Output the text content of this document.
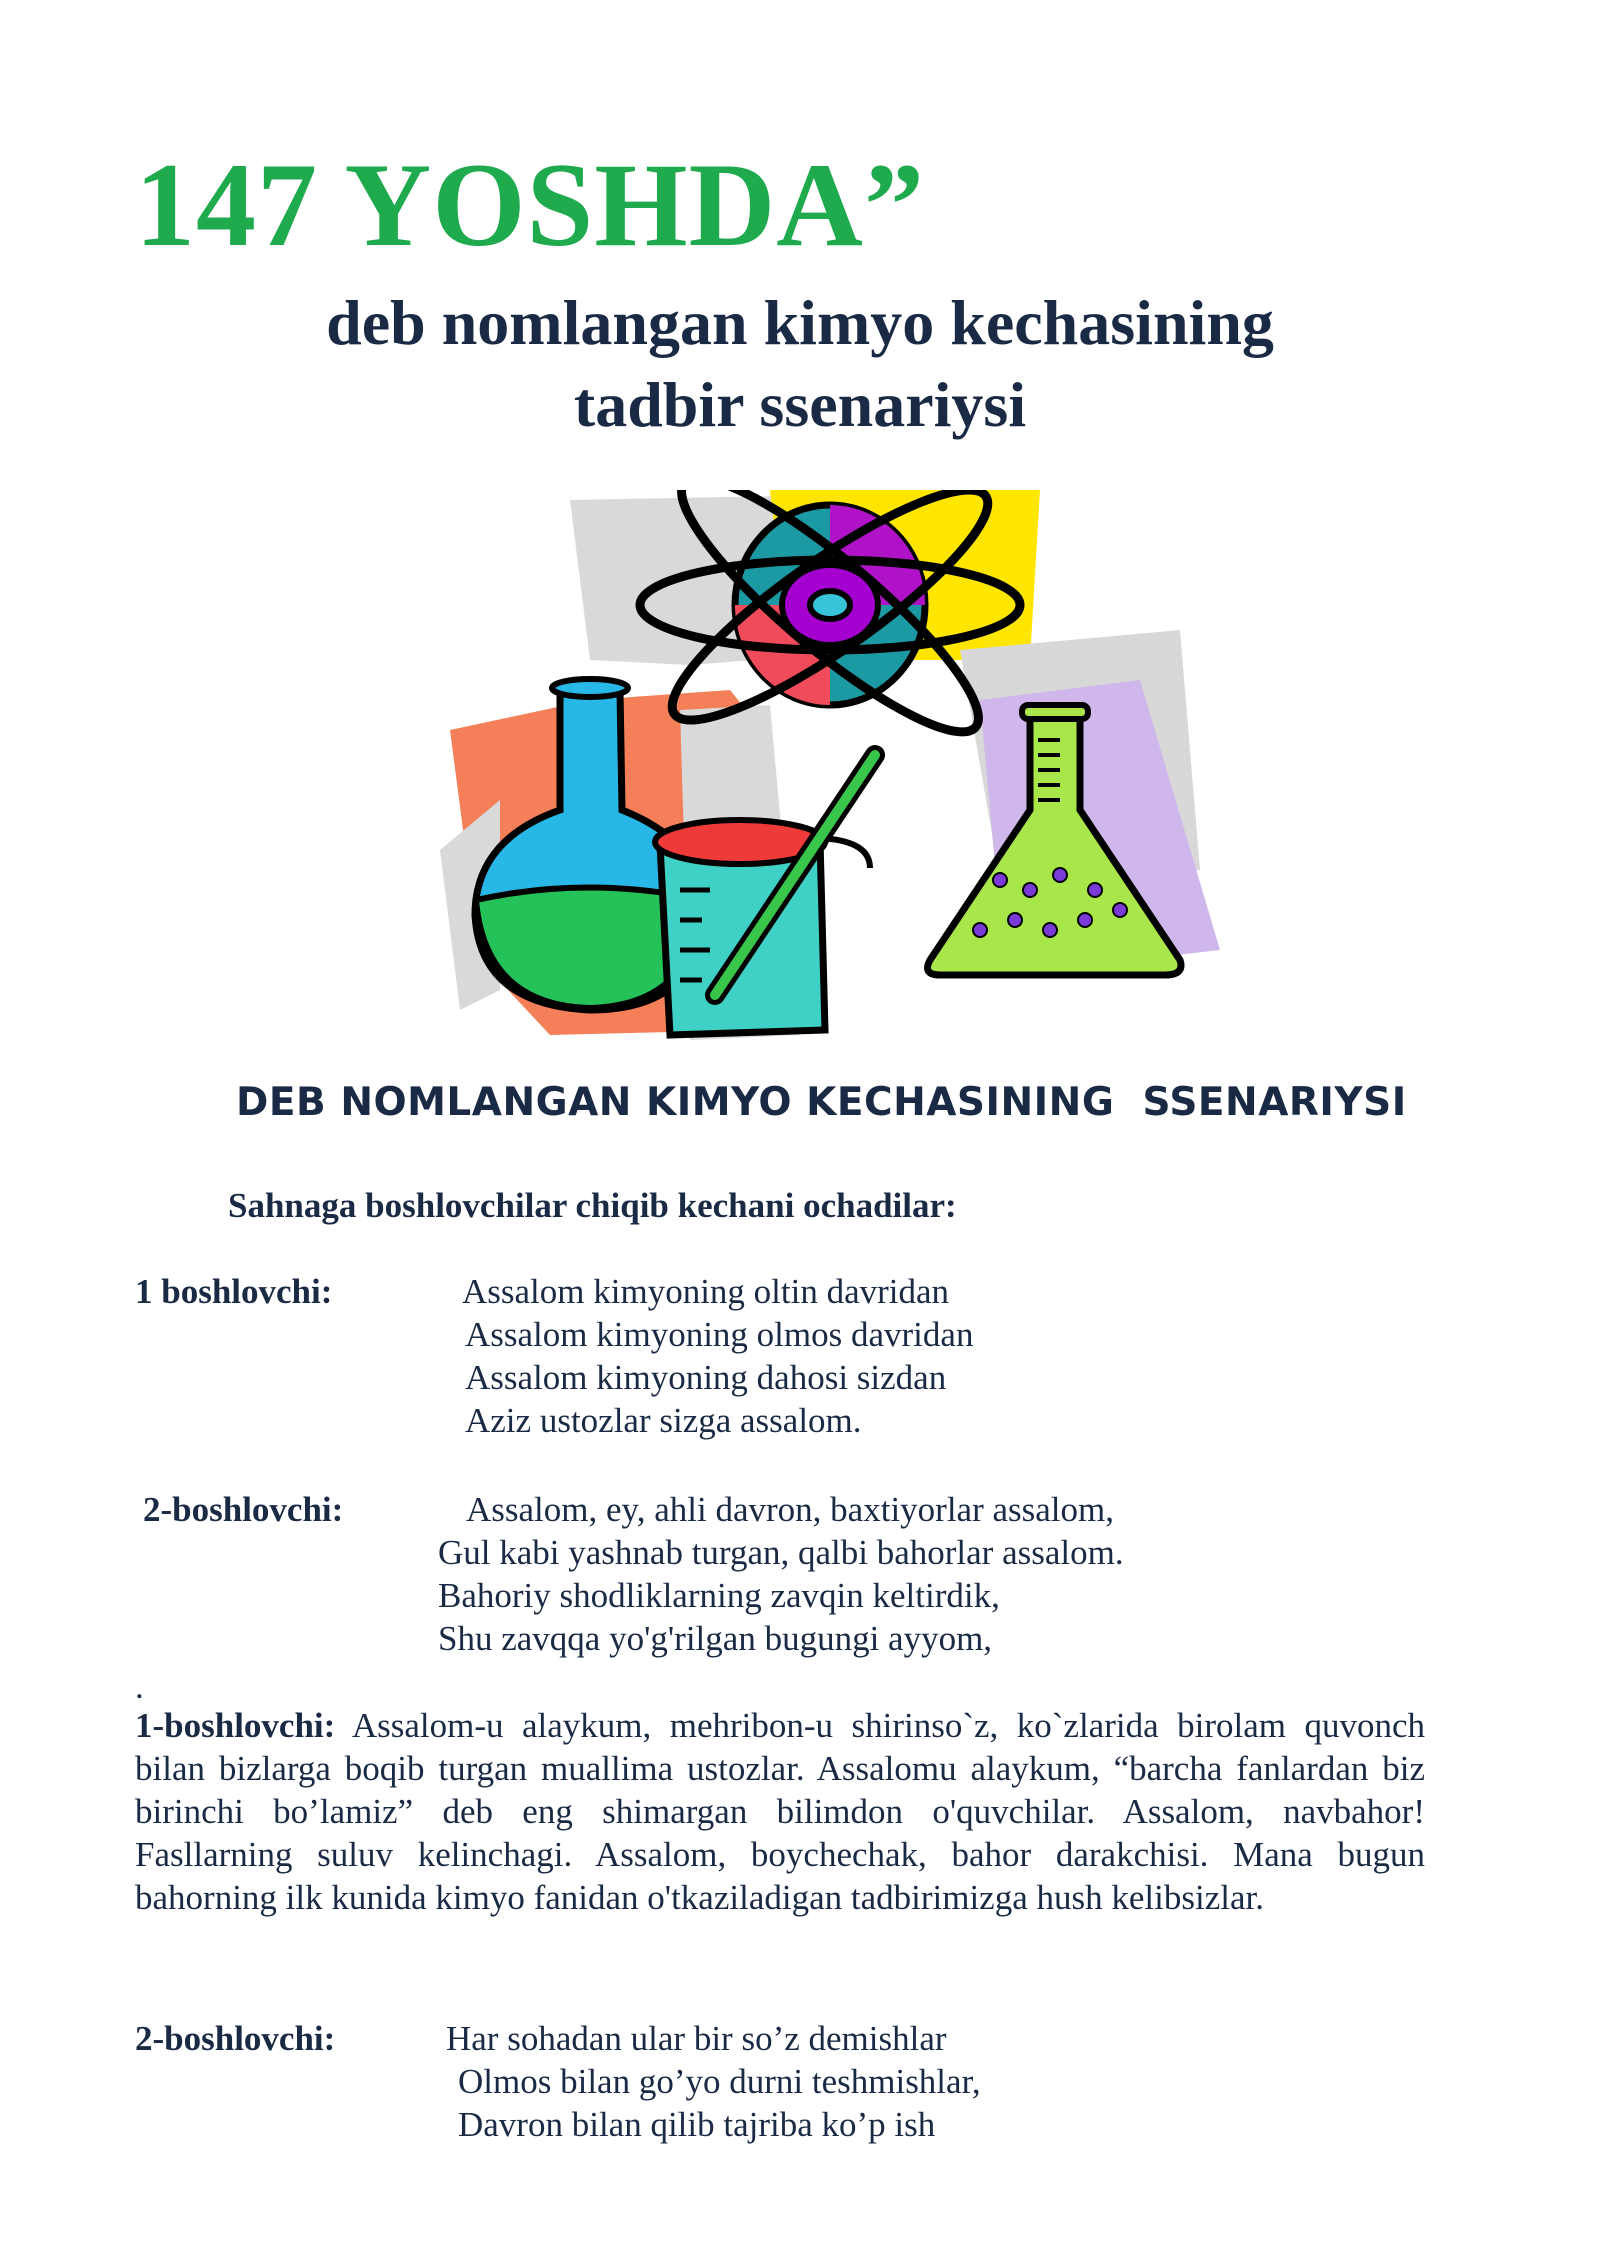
147 YOSHDA”
deb nomlangan kimyo kechasining
tadbir ssenariysi
DEB NOMLANGAN KIMYO KECHASINING  SSENARIYSI
Sahnaga boshlovchilar chiqib kechani ochadilar:
1 boshlovchi:	Assalom kimyoning oltin davridan
Assalom kimyoning olmos davridan
Assalom kimyoning dahosi sizdan
Aziz ustozlar sizga assalom.
2-boshlovchi:	Assalom, ey, ahli davron, baxtiyorlar assalom,
Gul kabi yashnab turgan, qalbi bahorlar assalom.
Bahoriy shodliklarning zavqin keltirdik,
Shu zavqqa yo'g'rilgan bugungi ayyom,
.
1-boshlovchi: Assalom-u alaykum, mehribon-u shirinso`z, ko`zlarida birolam quvonch bilan bizlarga boqib turgan muallima ustozlar. Assalomu alaykum, “barcha fanlardan biz birinchi bo’lamiz” deb eng shimargan bilimdon o'quvchilar. Assalom, navbahor! Fasllarning suluv kelinchagi. Assalom, boychechak, bahor darakchisi. Mana bugun bahorning ilk kunida kimyo fanidan o'tkaziladigan tadbirimizga hush kelibsizlar.
2-boshlovchi:	Har sohadan ular bir so’z demishlar
Olmos bilan go’yo durni teshmishlar,
Davron bilan qilib tajriba ko’p ish
